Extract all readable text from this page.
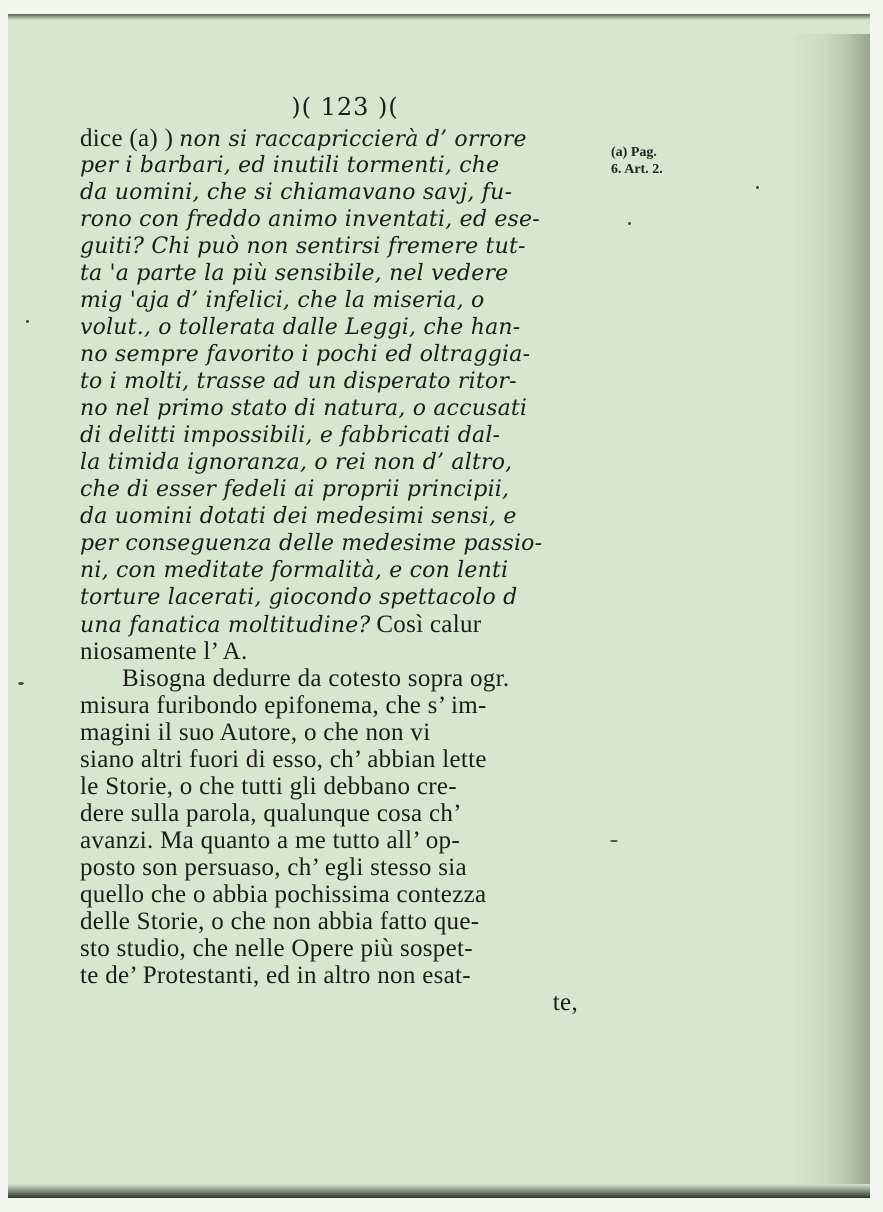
)( 123 )(
dice (a) ) non si raccapriccierà d’ orrore
per i barbari, ed inutili tormenti, che
da uomini, che si chiamavano savj, fu-
rono con freddo animo inventati, ed ese-
guiti? Chi può non sentirsi fremere tut-
ta 'a parte la più sensibile, nel vedere
mig 'aja d’ infelici, che la miseria, o
volut., o tollerata dalle Leggi, che han-
no sempre favorito i pochi ed oltraggia-
to i molti, trasse ad un disperato ritor-
no nel primo stato di natura, o accusati
di delitti impossibili, e fabbricati dal-
la timida ignoranza, o rei non d’ altro,
che di esser fedeli ai proprii principii,
da uomini dotati dei medesimi sensi, e
per conseguenza delle medesime passio-
ni, con meditate formalità, e con lenti
torture lacerati, giocondo spettacolo d
una fanatica moltitudine? Così calur
niosamente l’ A.
Bisogna dedurre da cotesto sopra ogr.
misura furibondo epifonema, che s’ im-
magini il suo Autore, o che non vi
siano altri fuori di esso, ch’ abbian lette
le Storie, o che tutti gli debbano cre-
dere sulla parola, qualunque cosa ch’
avanzi. Ma quanto a me tutto all’ op-
posto son persuaso, ch’ egli stesso sia
quello che o abbia pochissima contezza
delle Storie, o che non abbia fatto que-
sto studio, che nelle Opere più sospet-
te de’ Protestanti, ed in altro non esat-
te,
(a) Pag.
6. Art. 2.
